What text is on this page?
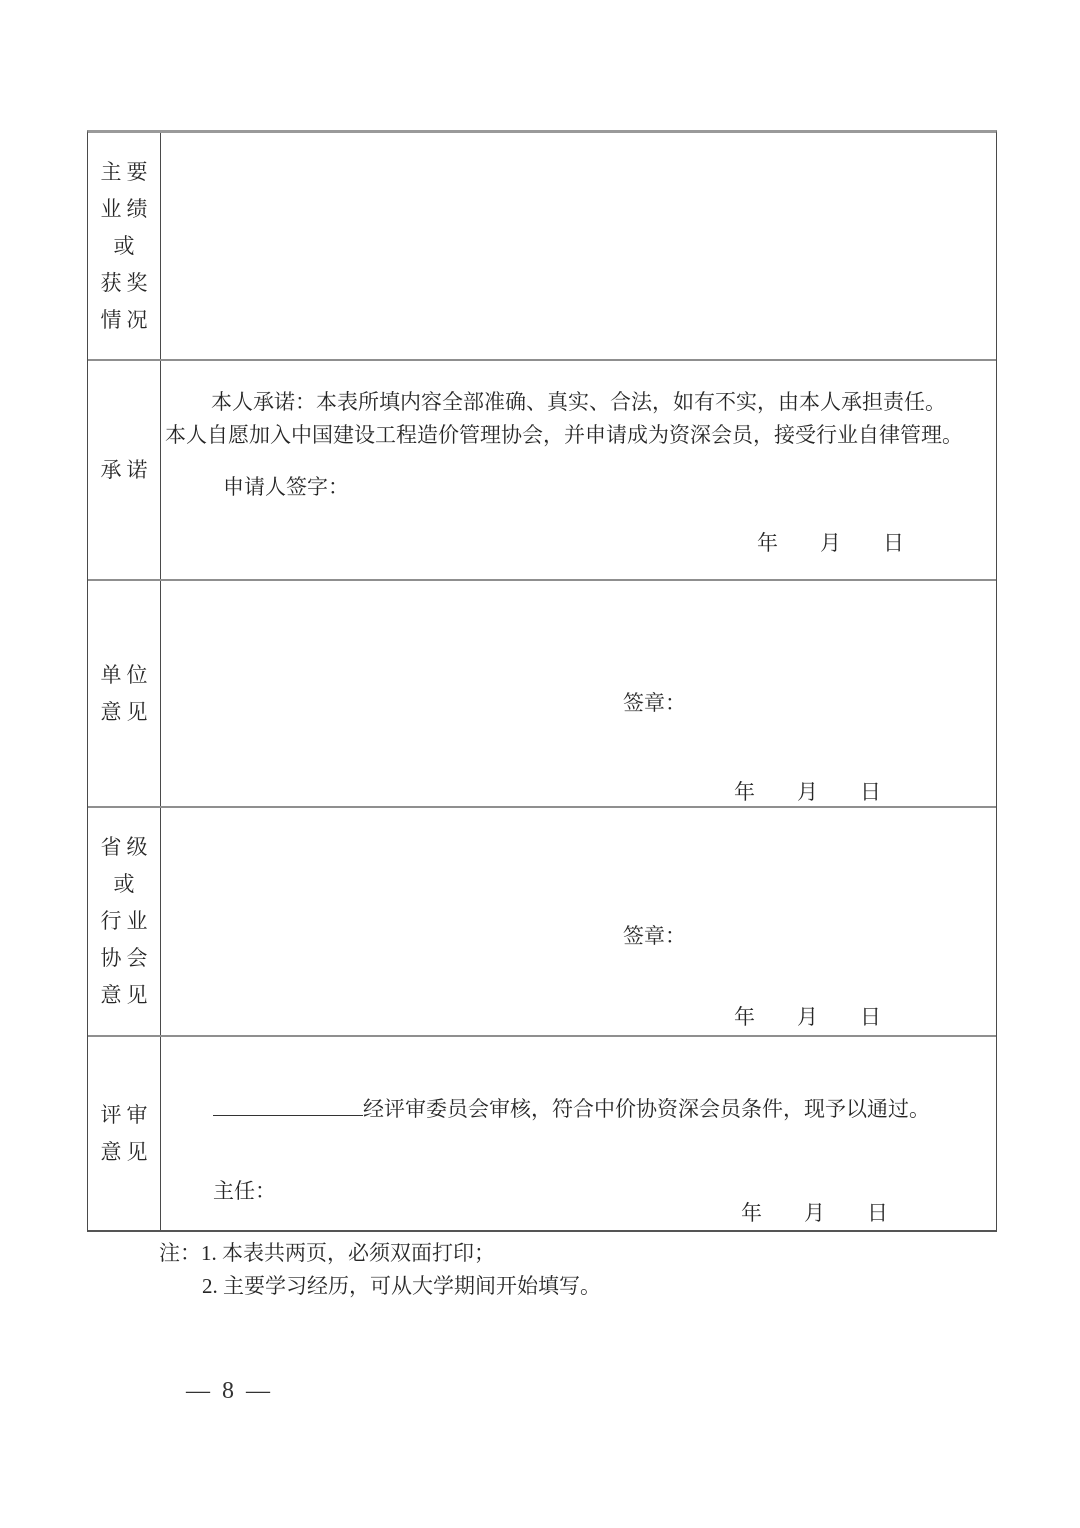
主要
业绩
或
获奖
情况
承诺
本人承诺：本表所填内容全部准确、真实、合法，如有不实，由本人承担责任。
本人自愿加入中国建设工程造价管理协会，并申请成为资深会员，接受行业自律管理。
申请人签字：
年　　月　　日
单位
意见	签章：
年　　月　　日
省级
或
行业
协会
意见
签章：
年　　月　　日
评审
意见
经评审委员会审核，符合中价协资深会员条件，现予以通过。
主任：
年　　月　　日
注：1. 本表共两页，必须双面打印；
2. 主要学习经历，可从大学期间开始填写。
— 8 —
